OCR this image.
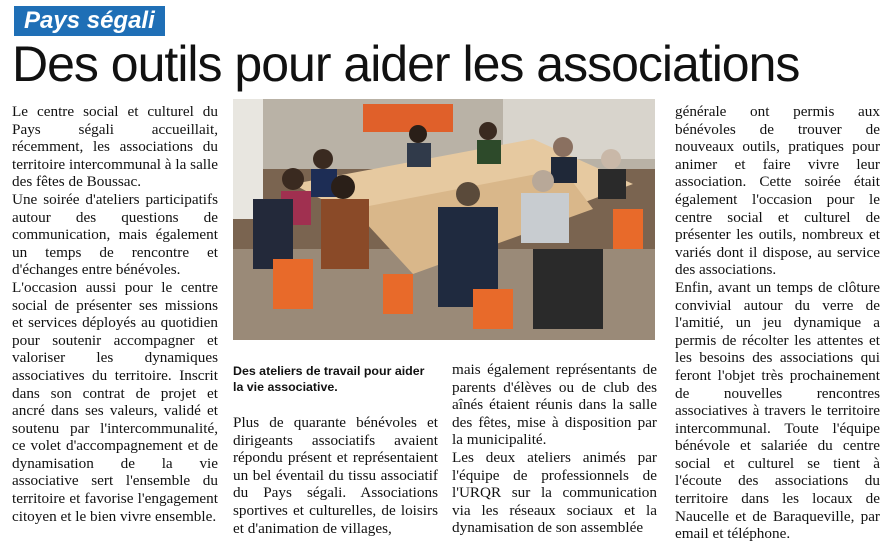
Pays ségali
Des outils pour aider les associations

Le centre social et culturel du Pays ségali accueillait, récemment, les associations du territoire intercommunal à la salle des fêtes de Boussac.

Une soirée d'ateliers participatifs autour des questions de communication, mais également un temps de rencontre et d'échanges entre bénévoles.

L'occasion aussi pour le centre social de présenter ses missions et services déployés au quotidien pour soutenir accompagner et valoriser les dynamiques associatives du territoire. Inscrit dans son contrat de projet et ancré dans ses valeurs, validé et soutenu par l'intercommunalité, ce volet d'accompagnement et de dynamisation de la vie associative sert l'ensemble du territoire et favorise l'engagement citoyen et le bien vivre ensemble.

Des ateliers de travail pour aider la vie associative.

Plus de quarante bénévoles et dirigeants associatifs avaient répondu présent et représentaient un bel éventail du tissu associatif du Pays ségali. Associations sportives et culturelles, de loisirs et d'animation de villages,

mais également représentants de parents d'élèves ou de club des aînés étaient réunis dans la salle des fêtes, mise à disposition par la municipalité.

Les deux ateliers animés par l'équipe de professionnels de l'URQR sur la communication via les réseaux sociaux et la dynamisation de son assemblée

générale ont permis aux bénévoles de trouver de nouveaux outils, pratiques pour animer et faire vivre leur association. Cette soirée était également l'occasion pour le centre social et culturel de présenter les outils, nombreux et variés dont il dispose, au service des associations.

Enfin, avant un temps de clôture convivial autour du verre de l'amitié, un jeu dynamique a permis de récolter les attentes et les besoins des associations qui feront l'objet très prochainement de nouvelles rencontres associatives à travers le territoire intercommunal. Toute l'équipe bénévole et salariée du centre social et culturel se tient à l'écoute des associations du territoire dans les locaux de Naucelle et de Baraqueville, par email et téléphone.
